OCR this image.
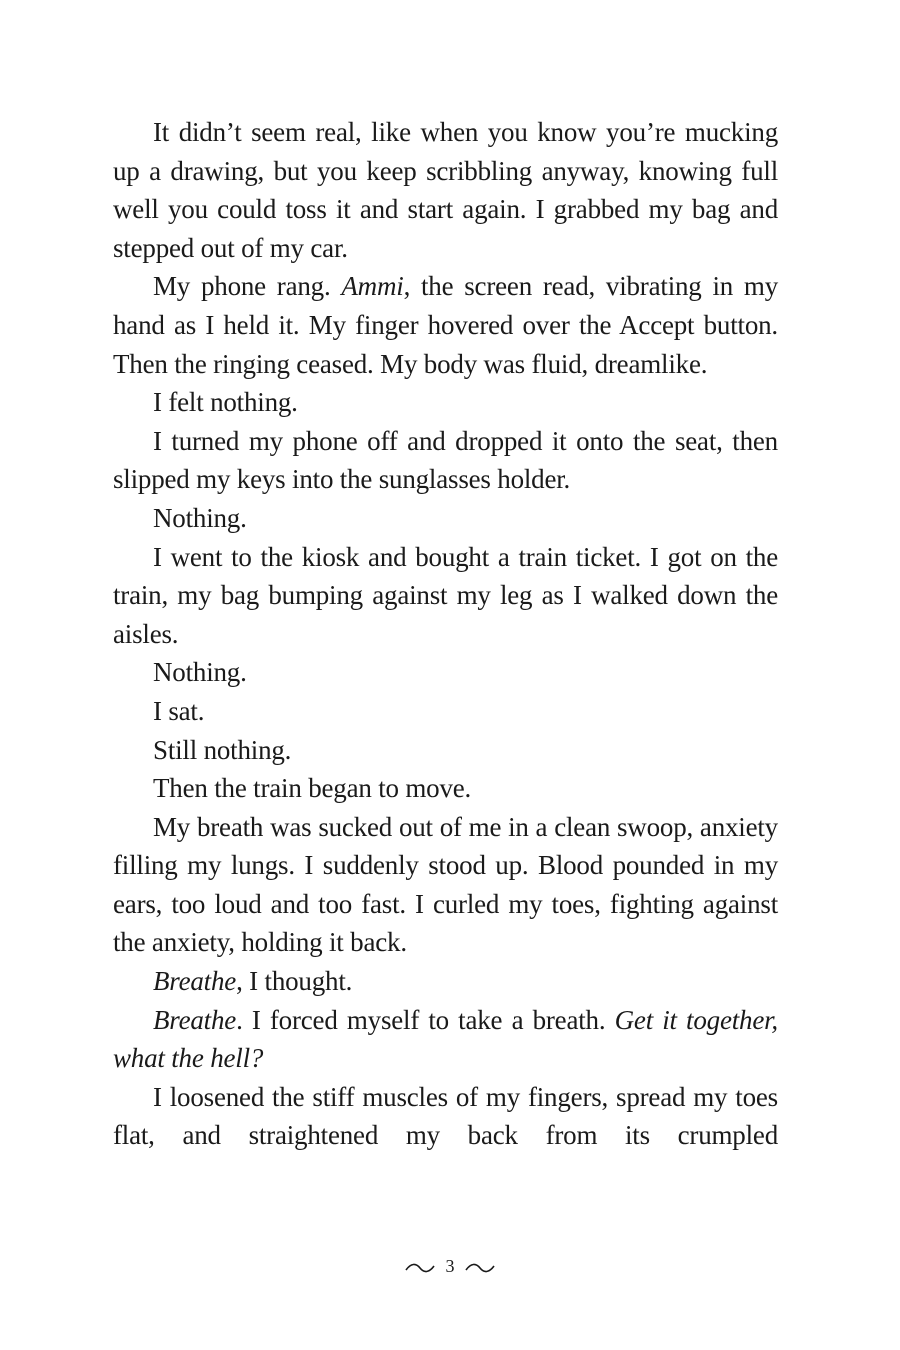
It didn’t seem real, like when you know you’re mucking up a drawing, but you keep scribbling anyway, knowing full well you could toss it and start again. I grabbed my bag and stepped out of my car.

My phone rang. Ammi, the screen read, vibrating in my hand as I held it. My finger hovered over the Accept button. Then the ringing ceased. My body was fluid, dreamlike.

I felt nothing.

I turned my phone off and dropped it onto the seat, then slipped my keys into the sunglasses holder.

Nothing.

I went to the kiosk and bought a train ticket. I got on the train, my bag bumping against my leg as I walked down the aisles.

Nothing.

I sat.

Still nothing.

Then the train began to move.

My breath was sucked out of me in a clean swoop, anxiety filling my lungs. I suddenly stood up. Blood pounded in my ears, too loud and too fast. I curled my toes, fighting against the anxiety, holding it back.

Breathe, I thought.

Breathe. I forced myself to take a breath. Get it together, what the hell?

I loosened the stiff muscles of my fingers, spread my toes flat, and straightened my back from its crumpled

3
